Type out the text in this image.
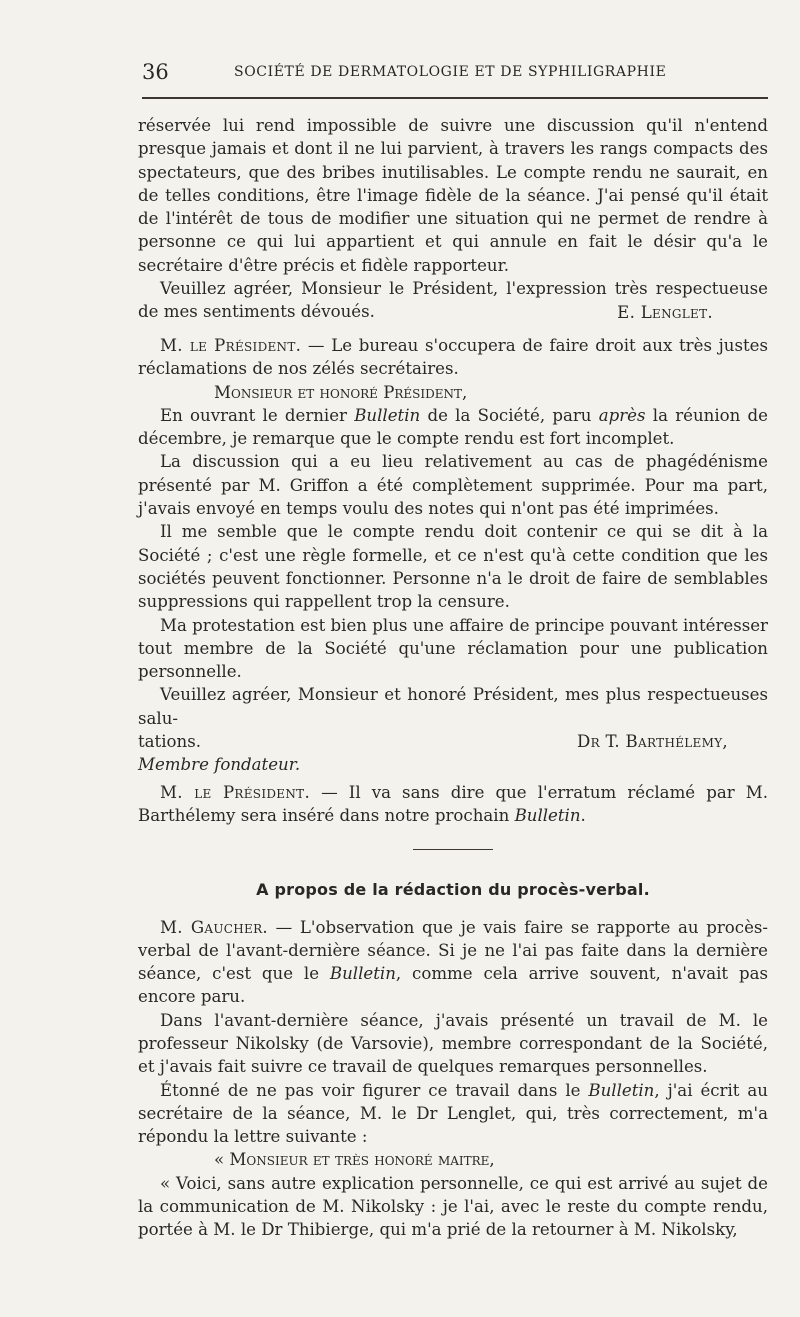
36	SOCIÉTÉ DE DERMATOLOGIE ET DE SYPHILIGRAPHIE

réservée lui rend impossible de suivre une discussion qu'il n'entend presque jamais et dont il ne lui parvient, à travers les rangs compacts des spectateurs, que des bribes inutilisables. Le compte rendu ne saurait, en de telles conditions, être l'image fidèle de la séance. J'ai pensé qu'il était de l'intérêt de tous de modifier une situation qui ne permet de rendre à personne ce qui lui appartient et qui annule en fait le désir qu'a le secrétaire d'être précis et fidèle rapporteur.

Veuillez agréer, Monsieur le Président, l'expression très respectueuse de mes sentiments dévoués.	E. Lenglet.

M. le Président. — Le bureau s'occupera de faire droit aux très justes réclamations de nos zélés secrétaires.

Monsieur et honoré Président,

En ouvrant le dernier Bulletin de la Société, paru après la réunion de décembre, je remarque que le compte rendu est fort incomplet.

La discussion qui a eu lieu relativement au cas de phagédénisme présenté par M. Griffon a été complètement supprimée. Pour ma part, j'avais envoyé en temps voulu des notes qui n'ont pas été imprimées.

Il me semble que le compte rendu doit contenir ce qui se dit à la Société ; c'est une règle formelle, et ce n'est qu'à cette condition que les sociétés peuvent fonctionner. Personne n'a le droit de faire de semblables suppressions qui rappellent trop la censure.

Ma protestation est bien plus une affaire de principe pouvant intéresser tout membre de la Société qu'une réclamation pour une publication personnelle.

Veuillez agréer, Monsieur et honoré Président, mes plus respectueuses salu-

tations.	Dr T. Barthélemy,

Membre fondateur.

M. le Président. — Il va sans dire que l'erratum réclamé par M. Barthélemy sera inséré dans notre prochain Bulletin.

A propos de la rédaction du procès-verbal.

M. Gaucher. — L'observation que je vais faire se rapporte au procès-verbal de l'avant-dernière séance. Si je ne l'ai pas faite dans la dernière séance, c'est que le Bulletin, comme cela arrive souvent, n'avait pas encore paru.

Dans l'avant-dernière séance, j'avais présenté un travail de M. le professeur Nikolsky (de Varsovie), membre correspondant de la Société, et j'avais fait suivre ce travail de quelques remarques personnelles.

Étonné de ne pas voir figurer ce travail dans le Bulletin, j'ai écrit au secrétaire de la séance, M. le Dr Lenglet, qui, très correctement, m'a répondu la lettre suivante :

« Monsieur et très honoré maitre,

« Voici, sans autre explication personnelle, ce qui est arrivé au sujet de la communication de M. Nikolsky : je l'ai, avec le reste du compte rendu, portée à M. le Dr Thibierge, qui m'a prié de la retourner à M. Nikolsky,
